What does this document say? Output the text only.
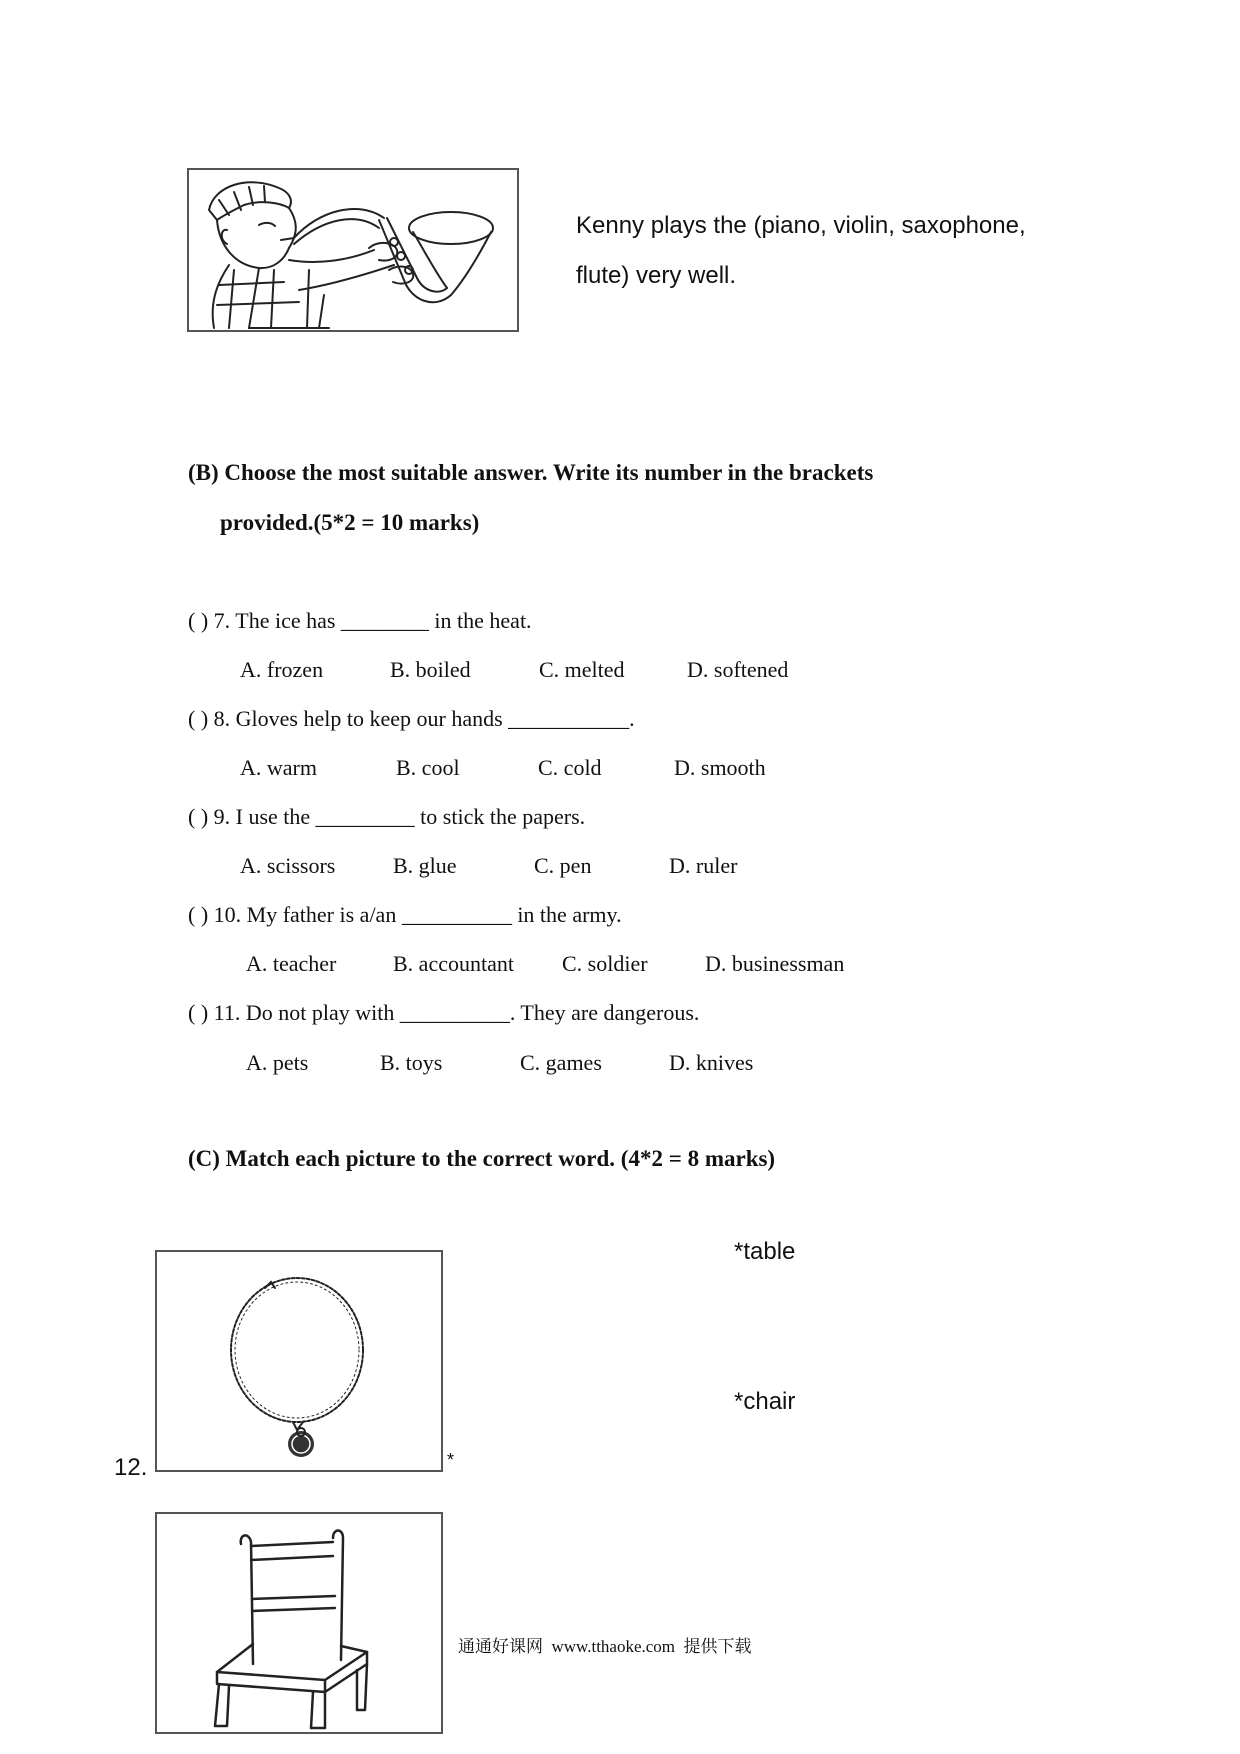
Kenny plays the (piano, violin, saxophone,
flute) very well.
(B) Choose the most suitable answer. Write its number in the brackets
provided.(5*2 = 10 marks)
( ) 7. The ice has ________ in the heat.
A. frozen	B. boiled	C. melted	D. softened
( ) 8. Gloves help to keep our hands ___________.
A. warm	B. cool	C. cold	D. smooth
( ) 9. I use the _________ to stick the papers.
A. scissors	B. glue	C. pen	D. ruler
( ) 10. My father is a/an __________ in the army.
A. teacher	B. accountant C. soldier	D. businessman
( ) 11. Do not play with __________. They are dangerous.
A. pets	B. toys	C. games	D. knives
(C) Match each picture to the correct word. (4*2 = 8 marks)
*table
*chair
12.	*
通通好课网  www.tthaoke.com  提供下载
